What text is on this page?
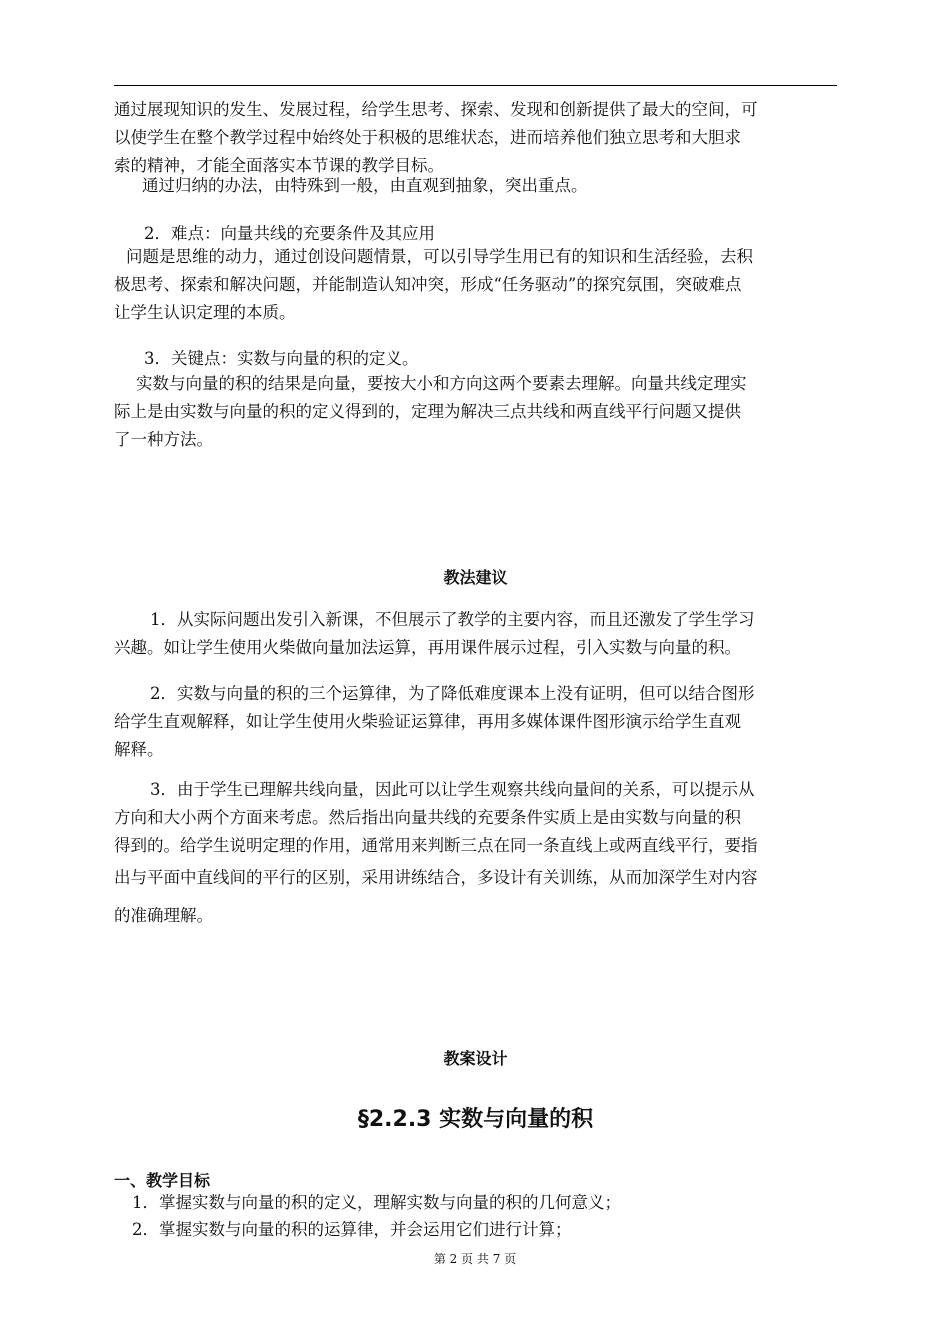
通过展现知识的发生、发展过程，给学生思考、探索、发现和创新提供了最大的空间，可
以使学生在整个教学过程中始终处于积极的思维状态，进而培养他们独立思考和大胆求
索的精神，才能全面落实本节课的教学目标。
通过归纳的办法，由特殊到一般，由直观到抽象，突出重点。
2．难点：向量共线的充要条件及其应用
问题是思维的动力，通过创设问题情景，可以引导学生用已有的知识和生活经验，去积
极思考、探索和解决问题，并能制造认知冲突，形成“任务驱动”的探究氛围，突破难点
让学生认识定理的本质。
3．关键点：实数与向量的积的定义。
实数与向量的积的结果是向量，要按大小和方向这两个要素去理解。向量共线定理实
际上是由实数与向量的积的定义得到的，定理为解决三点共线和两直线平行问题又提供
了一种方法。
教法建议
1．从实际问题出发引入新课，不但展示了教学的主要内容，而且还激发了学生学习
兴趣。如让学生使用火柴做向量加法运算，再用课件展示过程，引入实数与向量的积。
2．实数与向量的积的三个运算律，为了降低难度课本上没有证明，但可以结合图形
给学生直观解释，如让学生使用火柴验证运算律，再用多媒体课件图形演示给学生直观
解释。
3．由于学生已理解共线向量，因此可以让学生观察共线向量间的关系，可以提示从
方向和大小两个方面来考虑。然后指出向量共线的充要条件实质上是由实数与向量的积
得到的。给学生说明定理的作用，通常用来判断三点在同一条直线上或两直线平行，要指
出与平面中直线间的平行的区别，采用讲练结合，多设计有关训练，从而加深学生对内容
的准确理解。
教案设计
§2.2.3 实数与向量的积
一、教学目标
1．掌握实数与向量的积的定义，理解实数与向量的积的几何意义；
2．掌握实数与向量的积的运算律，并会运用它们进行计算；
第 2 页 共 7 页
